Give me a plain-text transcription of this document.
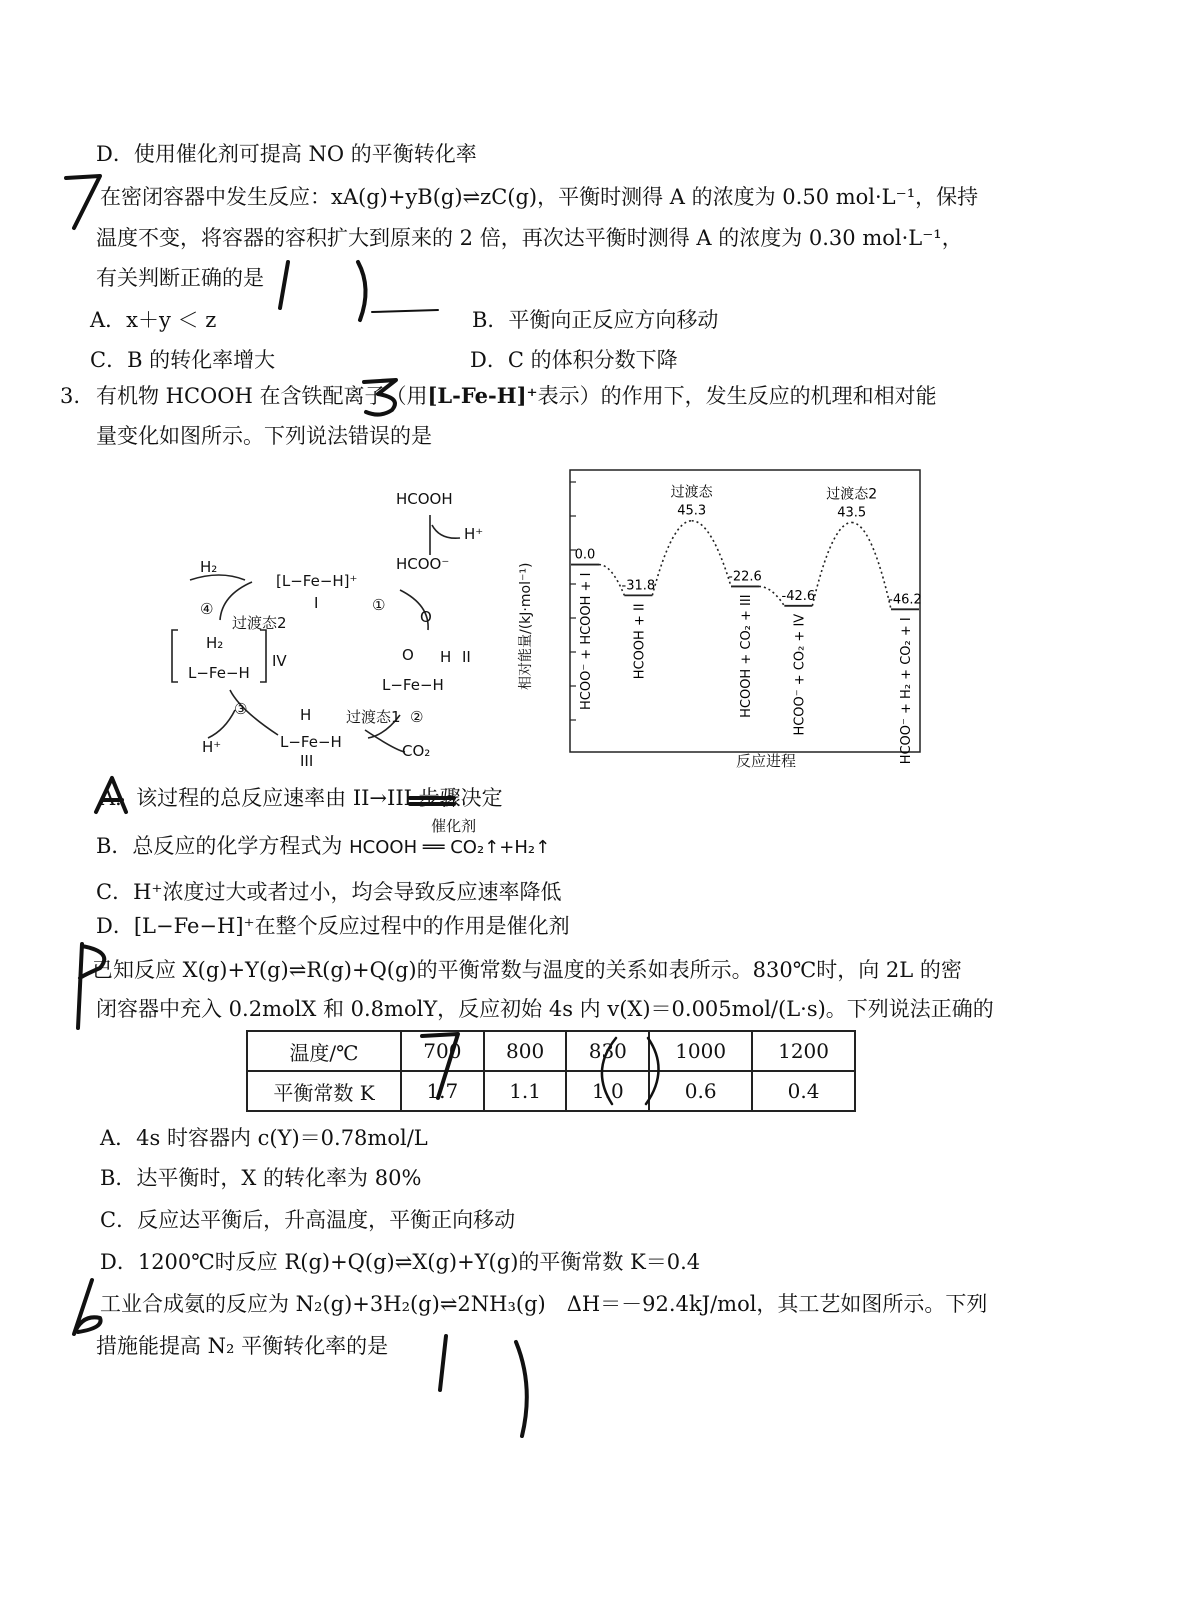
D．使用催化剂可提高 NO 的平衡转化率
在密闭容器中发生反应：xA(g)+yB(g)⇌zC(g)，平衡时测得 A 的浓度为 0.50 mol·L⁻¹，保持
温度不变，将容器的容积扩大到原来的 2 倍，再次达平衡时测得 A 的浓度为 0.30 mol·L⁻¹，
有关判断正确的是
A．x＋y ＜ z	B．平衡向正反应方向移动
C．B 的转化率增大	D．C 的体积分数下降
3. 有机物 HCOOH 在含铁配离子（用[L-Fe-H]⁺表示）的作用下，发生反应的机理和相对能
量变化如图所示。下列说法错误的是
HCOOH
H⁺
HCOO⁻
[L−Fe−H]⁺
I	①
H₂
④
过渡态2
H₂
L−Fe−H
IV
O
O H II
L−Fe−H
过渡态1 ②
CO₂
H
L−Fe−H
III
③
H⁺
0.0
HCOO⁻ + HCOOH + I -31.8
HCOOH + II
45.3
过渡态
-22.6
HCOOH + CO₂ + III -42.6
HCOO⁻ + CO₂ + IV
43.5
过渡态2
-46.2
HCOO⁻ + H₂ + CO₂ + I
相对能量/(kJ·mol⁻¹)
反应进程
A．该过程的总反应速率由 II→III 步骤决定
B．总反应的化学方程式为
催化剂
HCOOH ══ CO₂↑+H₂↑
C．H⁺浓度过大或者过小，均会导致反应速率降低
D．[L−Fe−H]⁺在整个反应过程中的作用是催化剂
已知反应 X(g)+Y(g)⇌R(g)+Q(g)的平衡常数与温度的关系如表所示。830℃时，向 2L 的密
闭容器中充入 0.2molX 和 0.8molY，反应初始 4s 内 v(X)＝0.005mol/(L·s)。下列说法正确的
温度/℃	700	800	830	1000	1200
平衡常数 K	1.7	1.1	1.0	0.6	0.4
A．4s 时容器内 c(Y)＝0.78mol/L
B．达平衡时，X 的转化率为 80%
C．反应达平衡后，升高温度，平衡正向移动
D．1200℃时反应 R(g)+Q(g)⇌X(g)+Y(g)的平衡常数 K＝0.4
工业合成氨的反应为 N₂(g)+3H₂(g)⇌2NH₃(g)　ΔH＝－92.4kJ/mol，其工艺如图所示。下列
措施能提高 N₂ 平衡转化率的是
